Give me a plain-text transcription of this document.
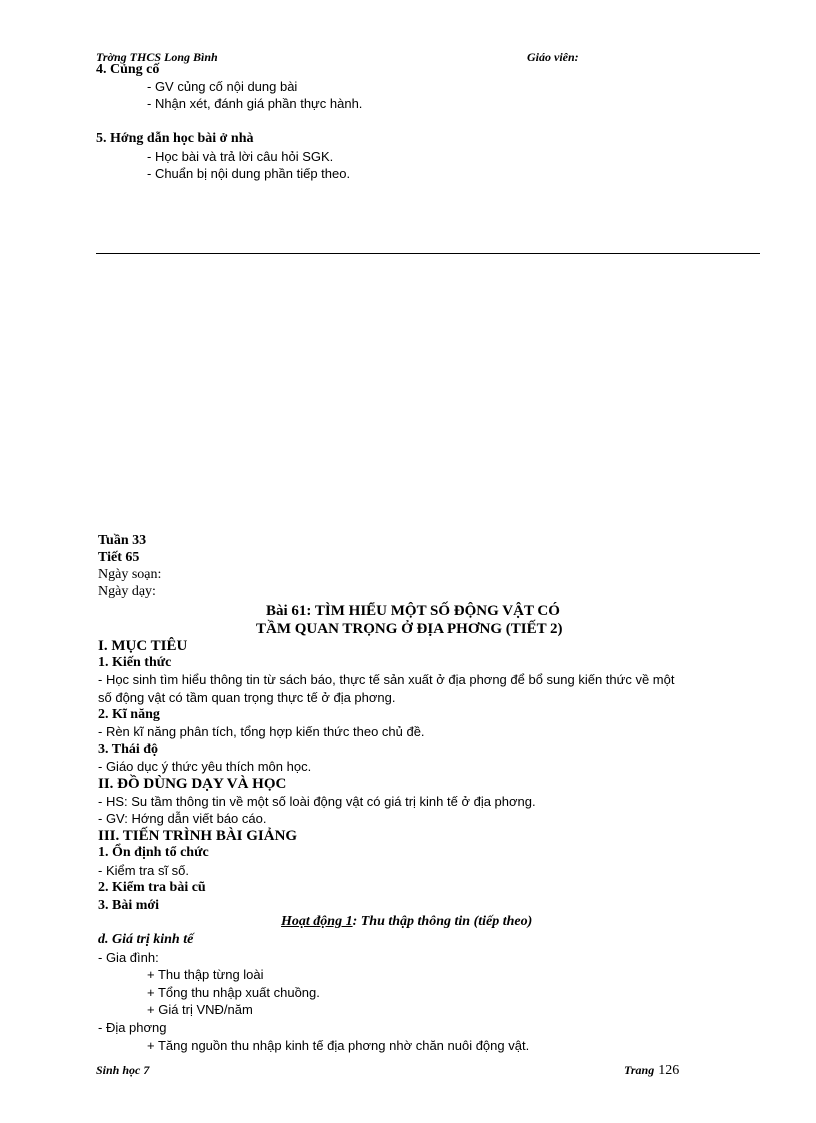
Trờng THCS Long Bình	Giáo viên:
4. Củng cố
- GV củng cố nội dung bài
- Nhận xét, đánh giá phần thực hành.
5. Hớng dẫn học bài ở nhà
- Học bài và trả lời câu hỏi SGK.
- Chuẩn bị nội dung phần tiếp theo.
Tuần 33
Tiết 65
Ngày soạn:
Ngày dạy:
Bài 61: TÌM HIỂU MỘT SỐ ĐỘNG VẬT CÓ
TẦM QUAN TRỌNG Ở ĐỊA PHƠNG (TIẾT 2)
I. MỤC TIÊU
1. Kiến thức
- Học sinh tìm hiểu thông tin từ sách báo, thực tế sản xuất ở địa phơng để bổ sung kiến thức về một
số động vật có tầm quan trọng thực tế ở địa phơng.
2. Kĩ năng
- Rèn kĩ năng phân tích, tổng hợp kiến thức theo chủ đề.
3. Thái độ
- Giáo dục ý thức yêu thích môn học.
II. ĐỒ DÙNG DẠY VÀ HỌC
- HS: Su tầm thông tin về một số loài động vật có giá trị kinh tế ở địa phơng.
- GV: Hớng dẫn viết báo cáo.
III. TIẾN TRÌNH BÀI GIẢNG
1. Ổn định tổ chức
- Kiểm tra sĩ số.
2. Kiểm tra bài cũ
3. Bài mới
Hoạt động 1: Thu thập thông tin (tiếp theo)
d. Giá trị kinh tế
- Gia đình:
+ Thu thập từng loài
+ Tổng thu nhập xuất chuồng.
+ Giá trị VNĐ/năm
- Địa phơng
+ Tăng nguồn thu nhập kinh tế địa phơng nhờ chăn nuôi động vật.
Sinh học 7	Trang 126
